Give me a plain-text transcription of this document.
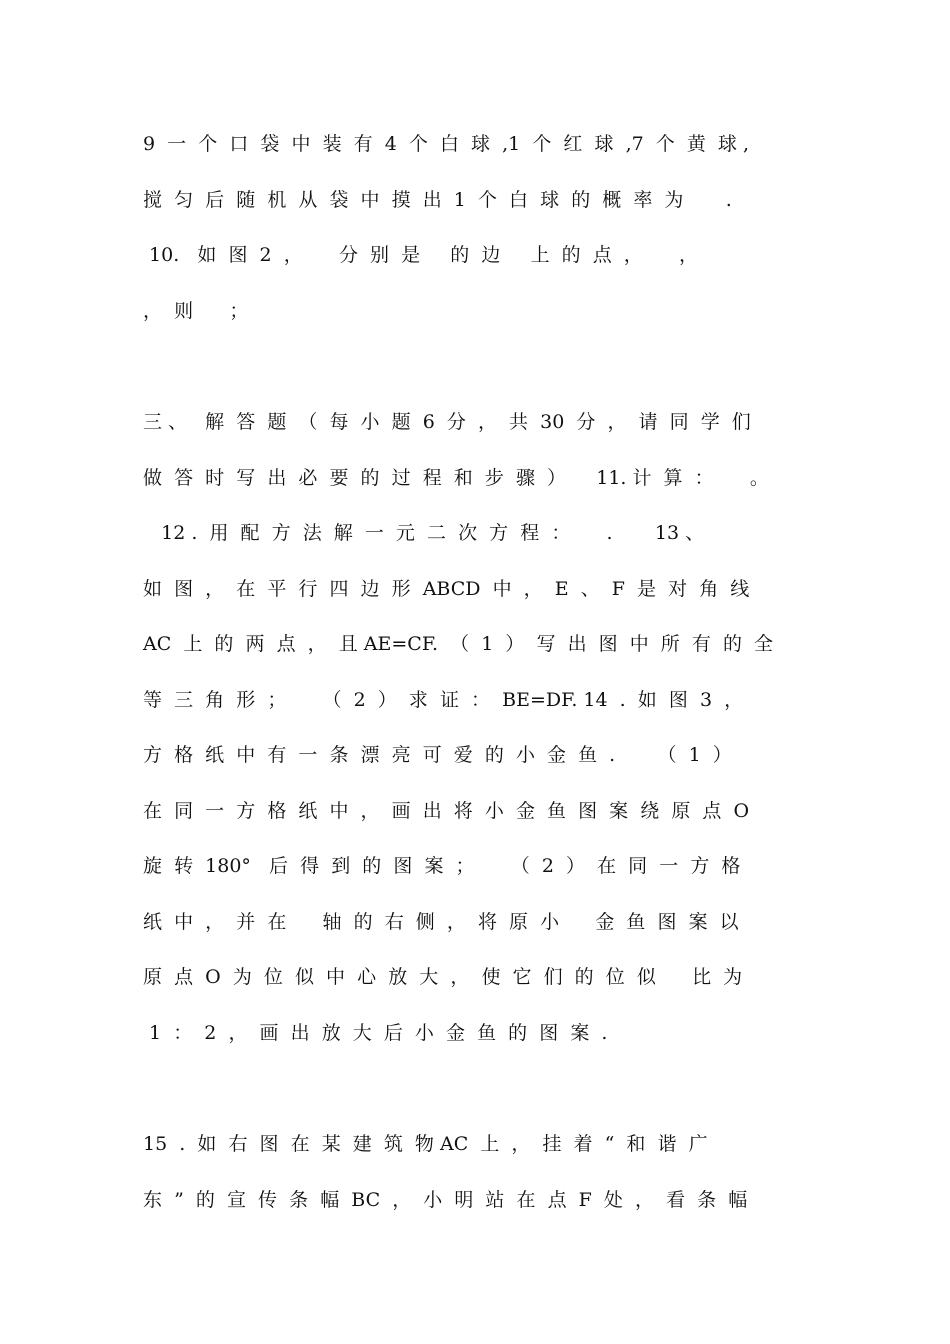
9  一  个  口  袋  中  装  有  4  个  白  球  ,1  个  红  球  ,7  个  黄  球 ,
搅  匀  后  随  机  从  袋  中  摸  出  1  个  白  球  的  概  率  为       .
10.   如  图  2  ，      分  别  是     的  边     上  的  点  ，      ，
，  则      ；
三 、   解  答  题  （  每  小  题  6  分  ，  共  30  分  ，  请  同  学  们
做  答  时  写  出  必  要  的  过  程  和  步  骤  ）     11. 计  算  ：      。
12 .  用  配  方  法  解  一  元  二  次  方  程  ：      .       13 、
如  图  ，  在  平  行  四  边  形  ABCD  中  ，  E  、  F  是  对  角  线
AC  上  的  两  点  ，  且 AE=CF.  （  1  ）  写  出  图  中  所  有  的  全
等  三  角  形  ；      （  2  ）  求  证  ：  BE=DF. 14  .  如  图  3  ，
方  格  纸  中  有  一  条  漂  亮  可  爱  的  小  金  鱼  .       （  1  ）
在  同  一  方  格  纸  中  ，  画  出  将  小  金  鱼  图  案  绕  原  点  O
旋  转  180°   后  得  到  的  图  案  ；      （  2  ）  在  同  一  方  格
纸  中  ，  并  在      轴  的  右  侧  ，  将  原  小      金  鱼  图  案  以
原  点  O  为  位  似  中  心  放  大  ，  使  它  们  的  位  似      比  为
1  ：  2  ，  画  出  放  大  后  小  金  鱼  的  图  案  .
15  .  如  右  图  在  某  建  筑  物 AC  上  ，  挂  着  “  和  谐  广
东  ”  的  宣  传  条  幅  BC  ，  小  明  站  在  点  F  处  ，  看  条  幅
